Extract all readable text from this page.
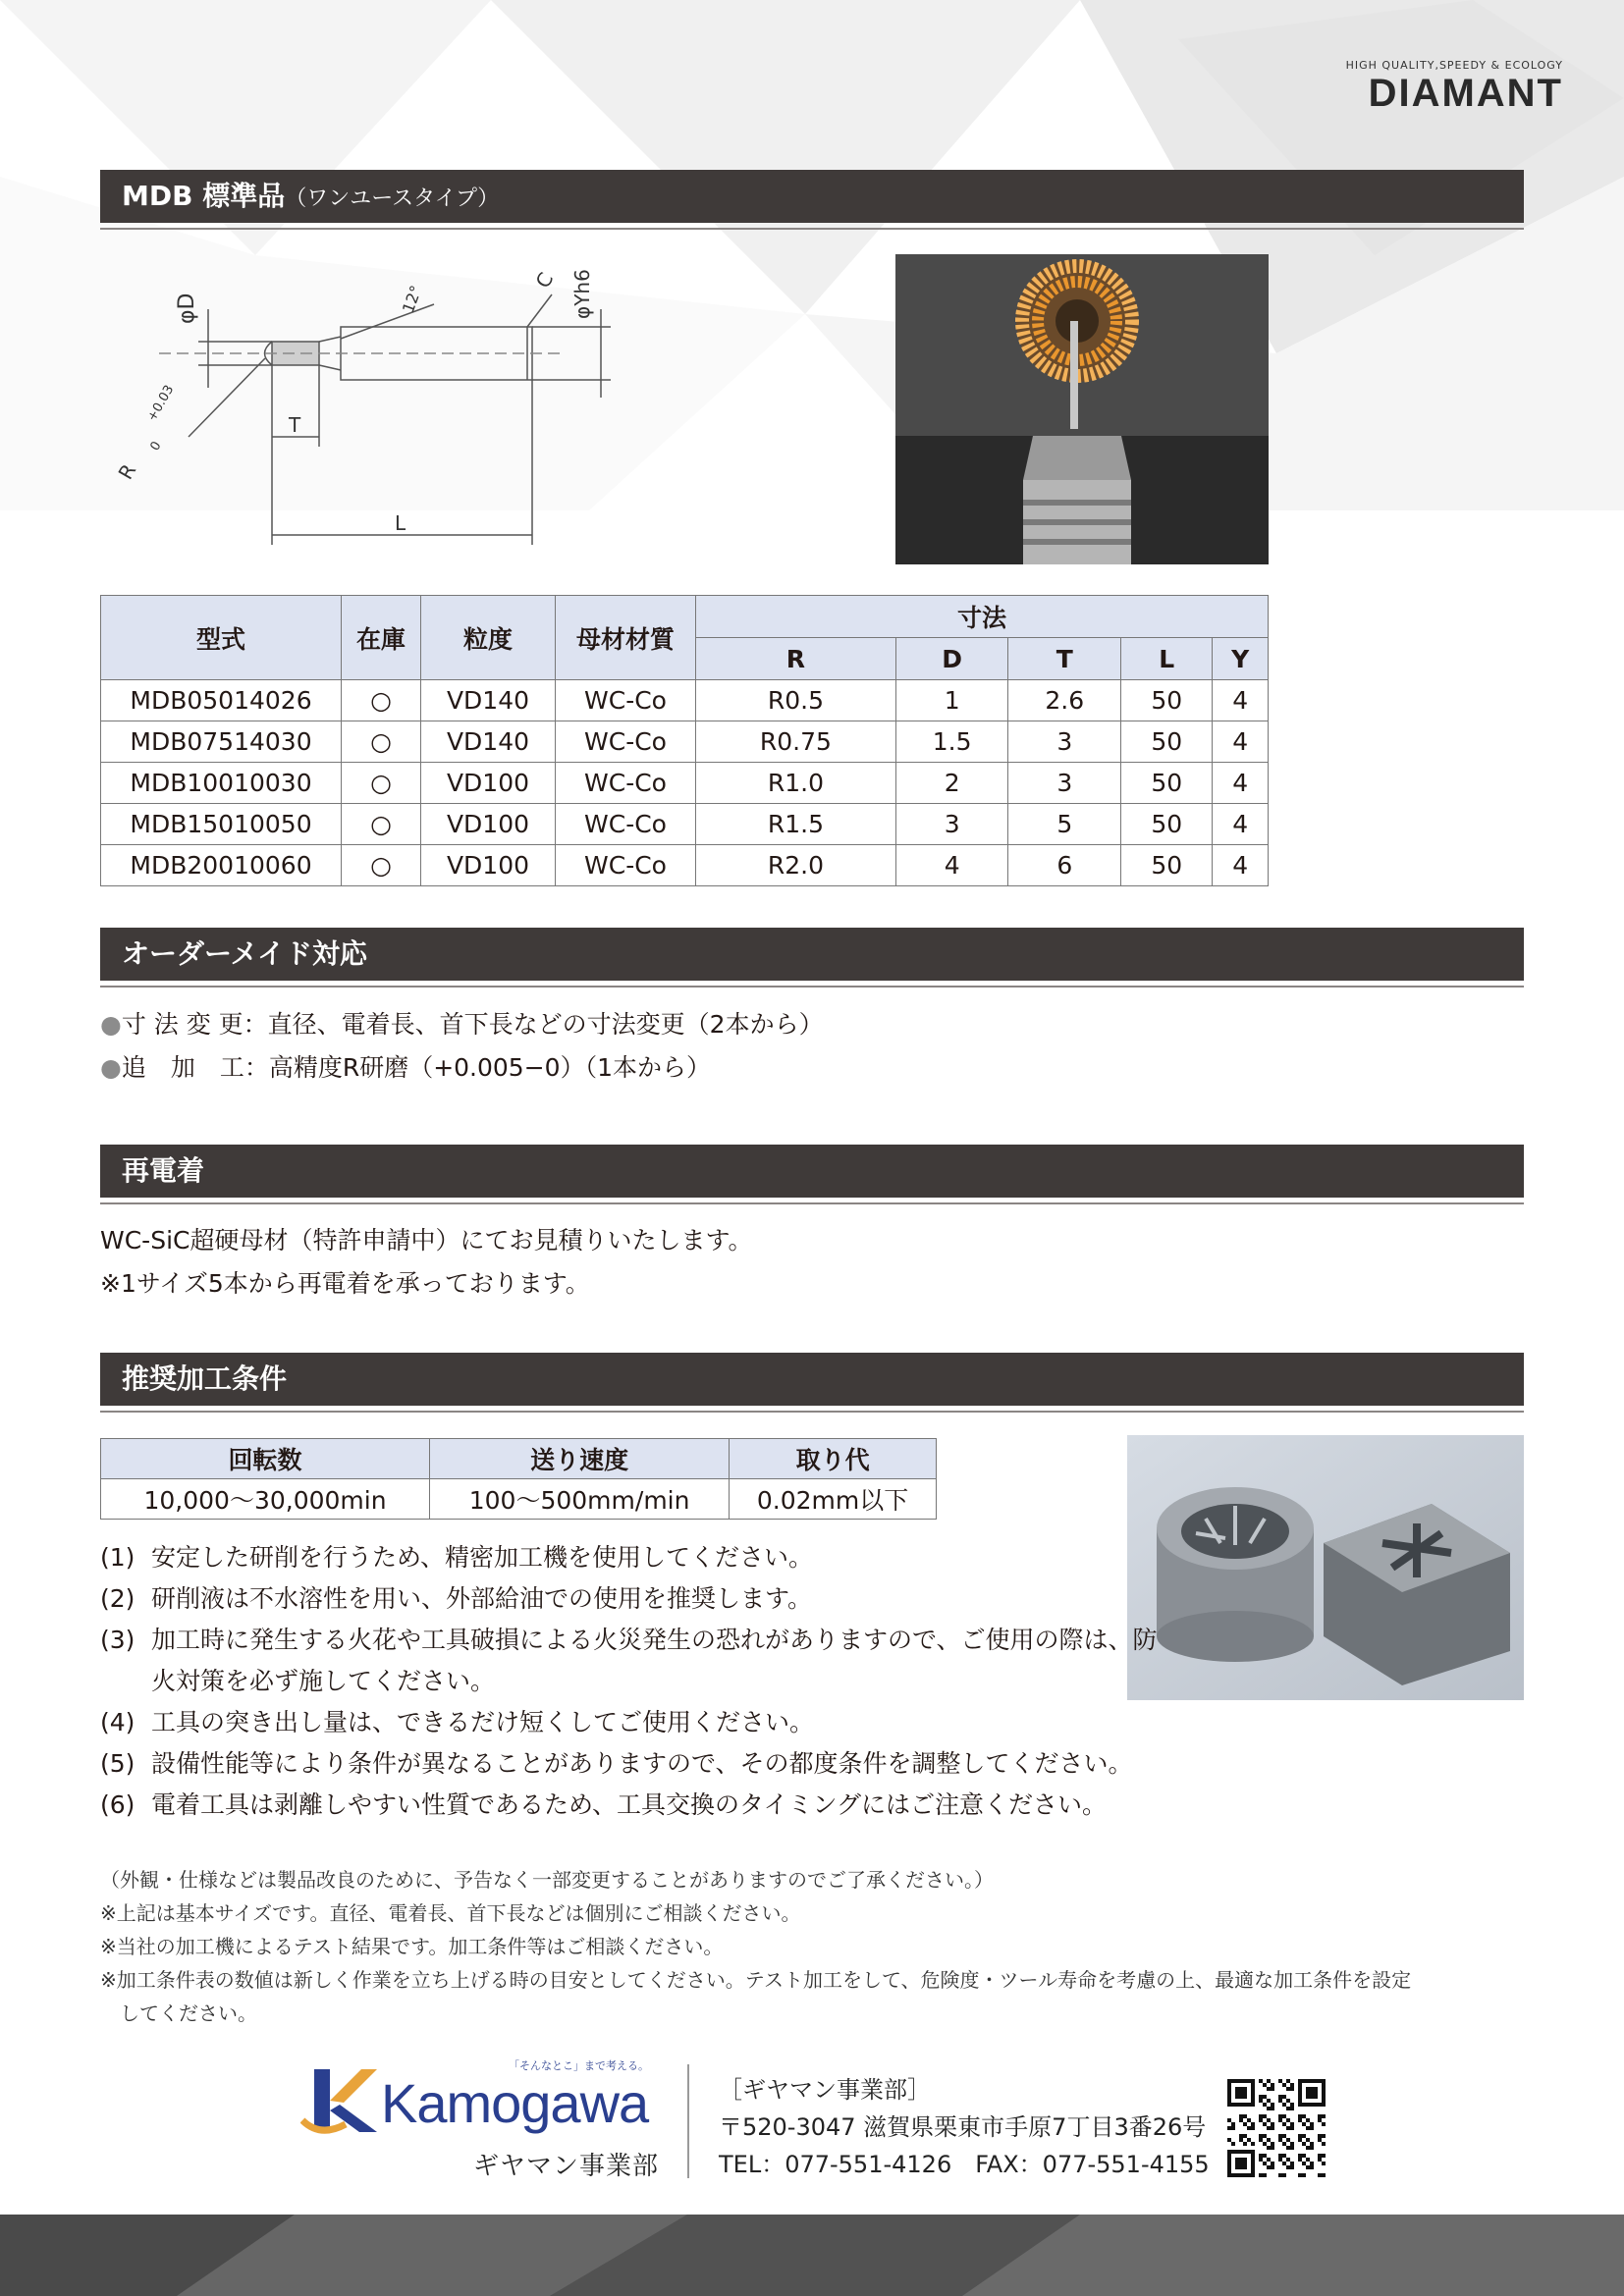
HIGH QUALITY,SPEEDY & ECOLOGY
DIAMANT
MDB 標準品（ワンユースタイプ）
φD	φYh6
12°
C
T
L
R
+0.03
0
型式	在庫	粒度	母材材質	寸法				
				R	D	T	L	Y
MDB05014026	○	VD140	WC-Co	R0.5	1	2.6	50	4
MDB07514030	○	VD140	WC-Co	R0.75	1.5	3	50	4
MDB10010030	○	VD100	WC-Co	R1.0	2	3	50	4
MDB15010050	○	VD100	WC-Co	R1.5	3	5	50	4
MDB20010060	○	VD100	WC-Co	R2.0	4	6	50	4
オーダーメイド対応
●寸 法 変 更：直径、電着長、首下長などの寸法変更（2本から）
●追　加　工：高精度R研磨（+0.005−0）（1本から）
再電着
WC-SiC超硬母材（特許申請中）にてお見積りいたします。
※1サイズ5本から再電着を承っております。
推奨加工条件
回転数	送り速度	取り代
10,000〜30,000min	100〜500mm/min	0.02mm以下
(1) 安定した研削を行うため、精密加工機を使用してください。
(2) 研削液は不水溶性を用い、外部給油での使用を推奨します。
(3) 加工時に発生する火花や工具破損による火災発生の恐れがありますので、ご使用の際は、防火対策を必ず施してください。
(4) 工具の突き出し量は、できるだけ短くしてご使用ください。
(5) 設備性能等により条件が異なることがありますので、その都度条件を調整してください。
(6) 電着工具は剥離しやすい性質であるため、工具交換のタイミングにはご注意ください。
（外観・仕様などは製品改良のために、予告なく一部変更することがありますのでご了承ください。）
※上記は基本サイズです。直径、電着長、首下長などは個別にご相談ください。
※当社の加工機によるテスト結果です。加工条件等はご相談ください。
※加工条件表の数値は新しく作業を立ち上げる時の目安としてください。テスト加工をして、危険度・ツール寿命を考慮の上、最適な加工条件を設定
してください。
「そんなとこ」まで考える。
Kamogawa
ギヤマン事業部
［ギヤマン事業部］
〒520-3047 滋賀県栗東市手原7丁目3番26号
TEL：077-551-4126　FAX：077-551-4155
